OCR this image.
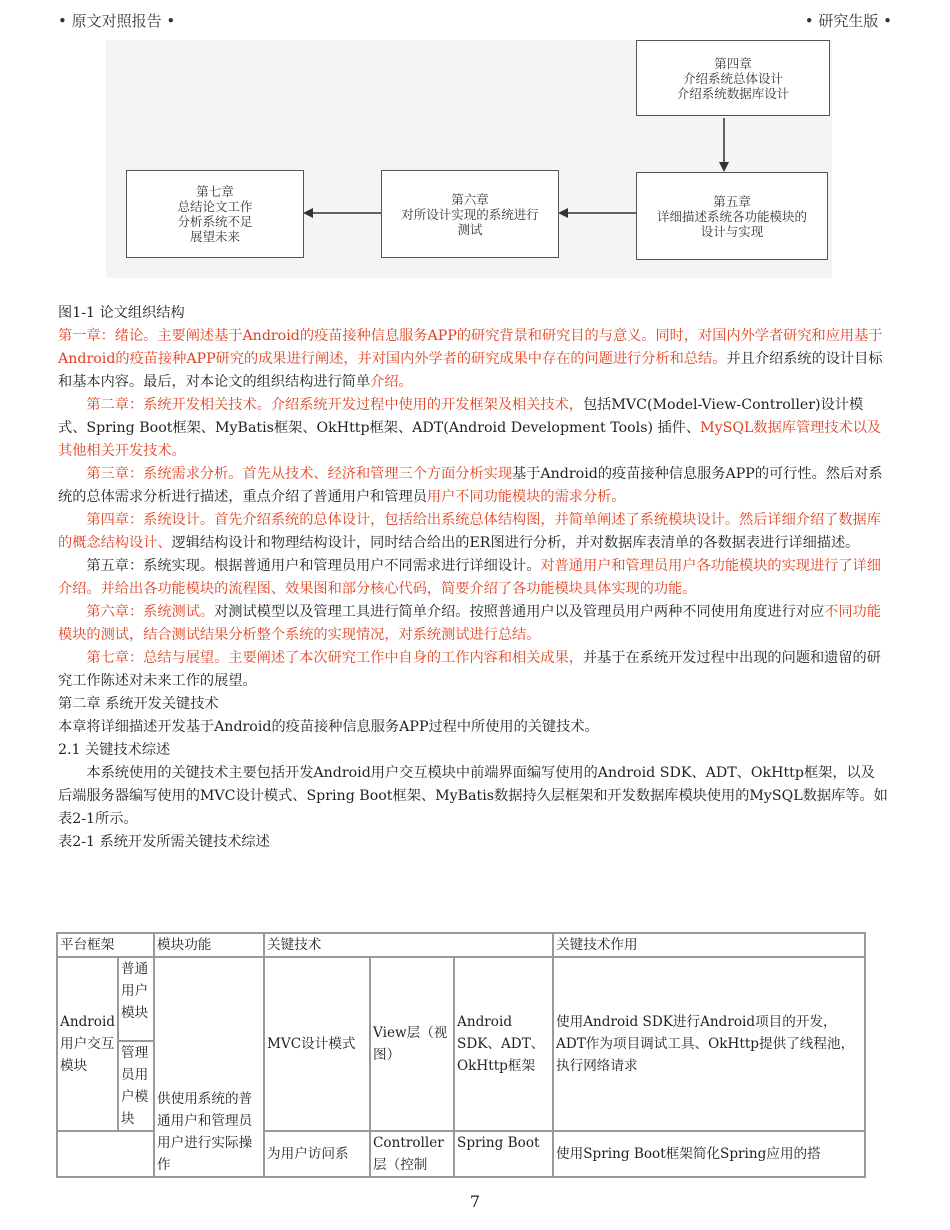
• 原文对照报告 •	• 研究生版 •
第四章
介绍系统总体设计
介绍系统数据库设计
第五章
详细描述系统各功能模块的
设计与实现
第六章
对所设计实现的系统进行
测试
第七章
总结论文工作
分析系统不足
展望未来

图1-1 论文组织结构

第一章：绪论。主要阐述基于Android的疫苗接种信息服务APP的研究背景和研究目的与意义。同时，对国内外学者研究和应用基于Android的疫苗接种APP研究的成果进行阐述，并对国内外学者的研究成果中存在的问题进行分析和总结。并且介绍系统的设计目标和基本内容。最后，对本论文的组织结构进行简单介绍。

第二章：系统开发相关技术。介绍系统开发过程中使用的开发框架及相关技术，包括MVC(Model-View-Controller)设计模式、Spring Boot框架、MyBatis框架、OkHttp框架、ADT(Android Development Tools) 插件、MySQL数据库管理技术以及其他相关开发技术。

第三章：系统需求分析。首先从技术、经济和管理三个方面分析实现基于Android的疫苗接种信息服务APP的可行性。然后对系统的总体需求分析进行描述，重点介绍了普通用户和管理员用户不同功能模块的需求分析。

第四章：系统设计。首先介绍系统的总体设计，包括给出系统总体结构图，并简单阐述了系统模块设计。然后详细介绍了数据库的概念结构设计、逻辑结构设计和物理结构设计，同时结合给出的ER图进行分析，并对数据库表清单的各数据表进行详细描述。

第五章：系统实现。根据普通用户和管理员用户不同需求进行详细设计。对普通用户和管理员用户各功能模块的实现进行了详细介绍。并给出各功能模块的流程图、效果图和部分核心代码，简要介绍了各功能模块具体实现的功能。

第六章：系统测试。对测试模型以及管理工具进行简单介绍。按照普通用户以及管理员用户两种不同使用角度进行对应不同功能模块的测试，结合测试结果分析整个系统的实现情况，对系统测试进行总结。

第七章：总结与展望。主要阐述了本次研究工作中自身的工作内容和相关成果，并基于在系统开发过程中出现的问题和遗留的研究工作陈述对未来工作的展望。

第二章 系统开发关键技术

本章将详细描述开发基于Android的疫苗接种信息服务APP过程中所使用的关键技术。

2.1 关键技术综述

本系统使用的关键技术主要包括开发Android用户交互模块中前端界面编写使用的Android SDK、ADT、OkHttp框架，以及后端服务器编写使用的MVC设计模式、Spring Boot框架、MyBatis数据持久层框架和开发数据库模块使用的MySQL数据库等。如表2-1所示。

表2-1 系统开发所需关键技术综述

平台框架		模块功能	关键技术			关键技术作用
Android用户交互模块	普通用户模块	供使用系统的普通用户和管理员用户进行实际操作	MVC设计模式	View层（视图）	Android SDK、ADT、OkHttp框架	使用Android SDK进行Android项目的开发，ADT作为项目调试工具、OkHttp提供了线程池，执行网络请求
	管理员用户模块					
			为用户访问系	Controller层（控制	Spring Boot	使用Spring Boot框架简化Spring应用的搭
7
